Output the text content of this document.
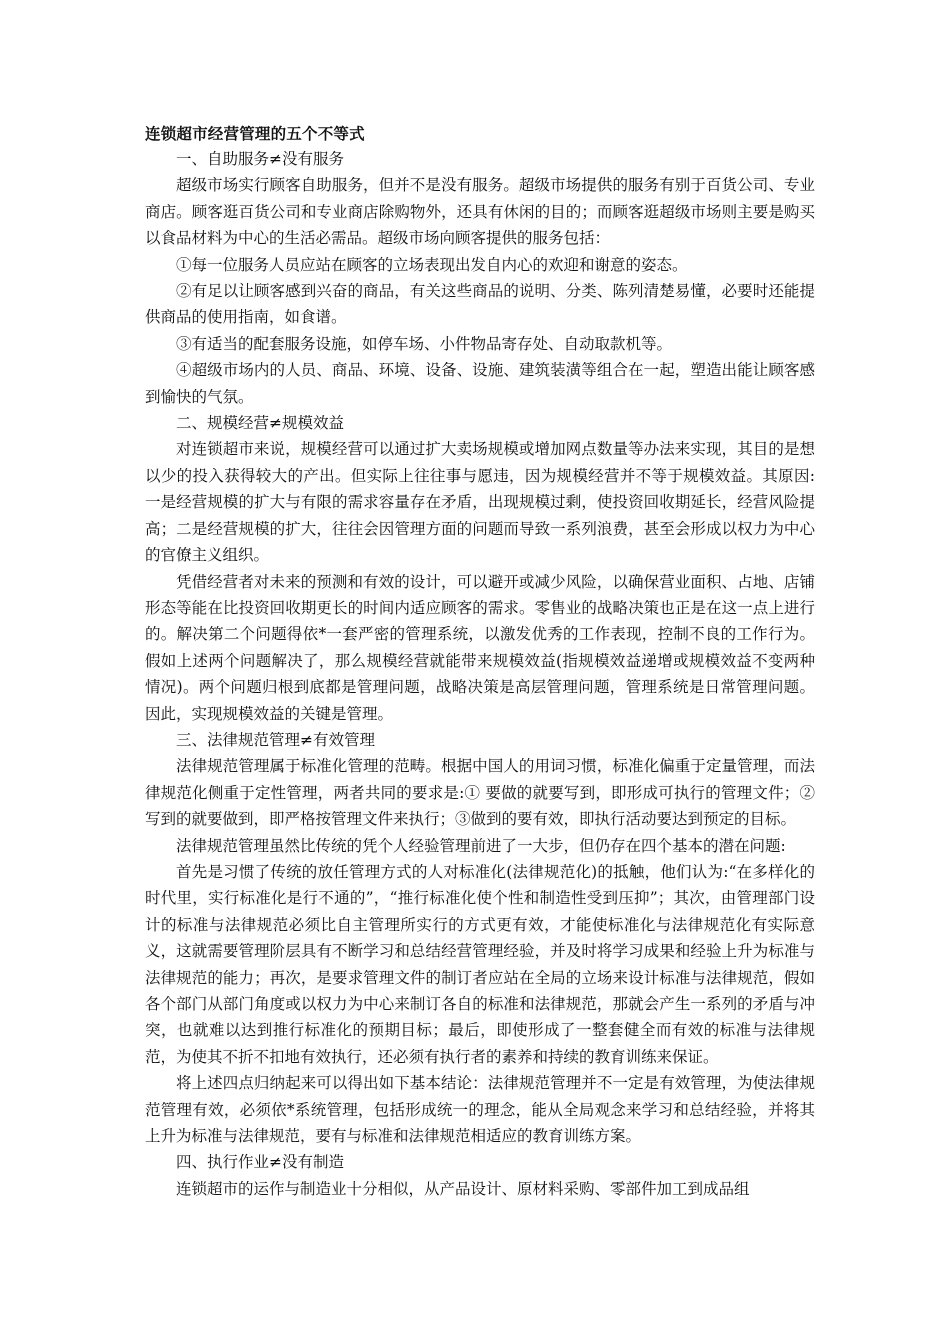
连锁超市经营管理的五个不等式

一、自助服务≠没有服务

超级市场实行顾客自助服务，但并不是没有服务。超级市场提供的服务有别于百货公司、专业商店。顾客逛百货公司和专业商店除购物外，还具有休闲的目的；而顾客逛超级市场则主要是购买以食品材料为中心的生活必需品。超级市场向顾客提供的服务包括：

①每一位服务人员应站在顾客的立场表现出发自内心的欢迎和谢意的姿态。

②有足以让顾客感到兴奋的商品，有关这些商品的说明、分类、陈列清楚易懂，必要时还能提供商品的使用指南，如食谱。

③有适当的配套服务设施，如停车场、小件物品寄存处、自动取款机等。

④超级市场内的人员、商品、环境、设备、设施、建筑装潢等组合在一起，塑造出能让顾客感到愉快的气氛。

二、规模经营≠规模效益

对连锁超市来说，规模经营可以通过扩大卖场规模或增加网点数量等办法来实现，其目的是想以少的投入获得较大的产出。但实际上往往事与愿违，因为规模经营并不等于规模效益。其原因:一是经营规模的扩大与有限的需求容量存在矛盾，出现规模过剩，使投资回收期延长，经营风险提高；二是经营规模的扩大，往往会因管理方面的问题而导致一系列浪费，甚至会形成以权力为中心的官僚主义组织。

凭借经营者对未来的预测和有效的设计，可以避开或减少风险，以确保营业面积、占地、店铺形态等能在比投资回收期更长的时间内适应顾客的需求。零售业的战略决策也正是在这一点上进行的。解决第二个问题得依*一套严密的管理系统，以激发优秀的工作表现，控制不良的工作行为。假如上述两个问题解决了，那么规模经营就能带来规模效益(指规模效益递增或规模效益不变两种情况)。两个问题归根到底都是管理问题，战略决策是高层管理问题，管理系统是日常管理问题。因此，实现规模效益的关键是管理。

三、法律规范管理≠有效管理

法律规范管理属于标准化管理的范畴。根据中国人的用词习惯，标准化偏重于定量管理，而法律规范化侧重于定性管理，两者共同的要求是:① 要做的就要写到，即形成可执行的管理文件；②写到的就要做到，即严格按管理文件来执行；③做到的要有效，即执行活动要达到预定的目标。

法律规范管理虽然比传统的凭个人经验管理前进了一大步，但仍存在四个基本的潜在问题:

首先是习惯了传统的放任管理方式的人对标准化(法律规范化)的抵触，他们认为:“在多样化的时代里，实行标准化是行不通的”，“推行标准化使个性和制造性受到压抑”；其次，由管理部门设计的标准与法律规范必须比自主管理所实行的方式更有效，才能使标准化与法律规范化有实际意义，这就需要管理阶层具有不断学习和总结经营管理经验，并及时将学习成果和经验上升为标准与法律规范的能力；再次，是要求管理文件的制订者应站在全局的立场来设计标准与法律规范，假如各个部门从部门角度或以权力为中心来制订各自的标准和法律规范，那就会产生一系列的矛盾与冲突，也就难以达到推行标准化的预期目标；最后，即使形成了一整套健全而有效的标准与法律规范，为使其不折不扣地有效执行，还必须有执行者的素养和持续的教育训练来保证。

将上述四点归纳起来可以得出如下基本结论：法律规范管理并不一定是有效管理，为使法律规范管理有效，必须依*系统管理，包括形成统一的理念，能从全局观念来学习和总结经验，并将其上升为标准与法律规范，要有与标准和法律规范相适应的教育训练方案。

四、执行作业≠没有制造

连锁超市的运作与制造业十分相似，从产品设计、原材料采购、零部件加工到成品组
